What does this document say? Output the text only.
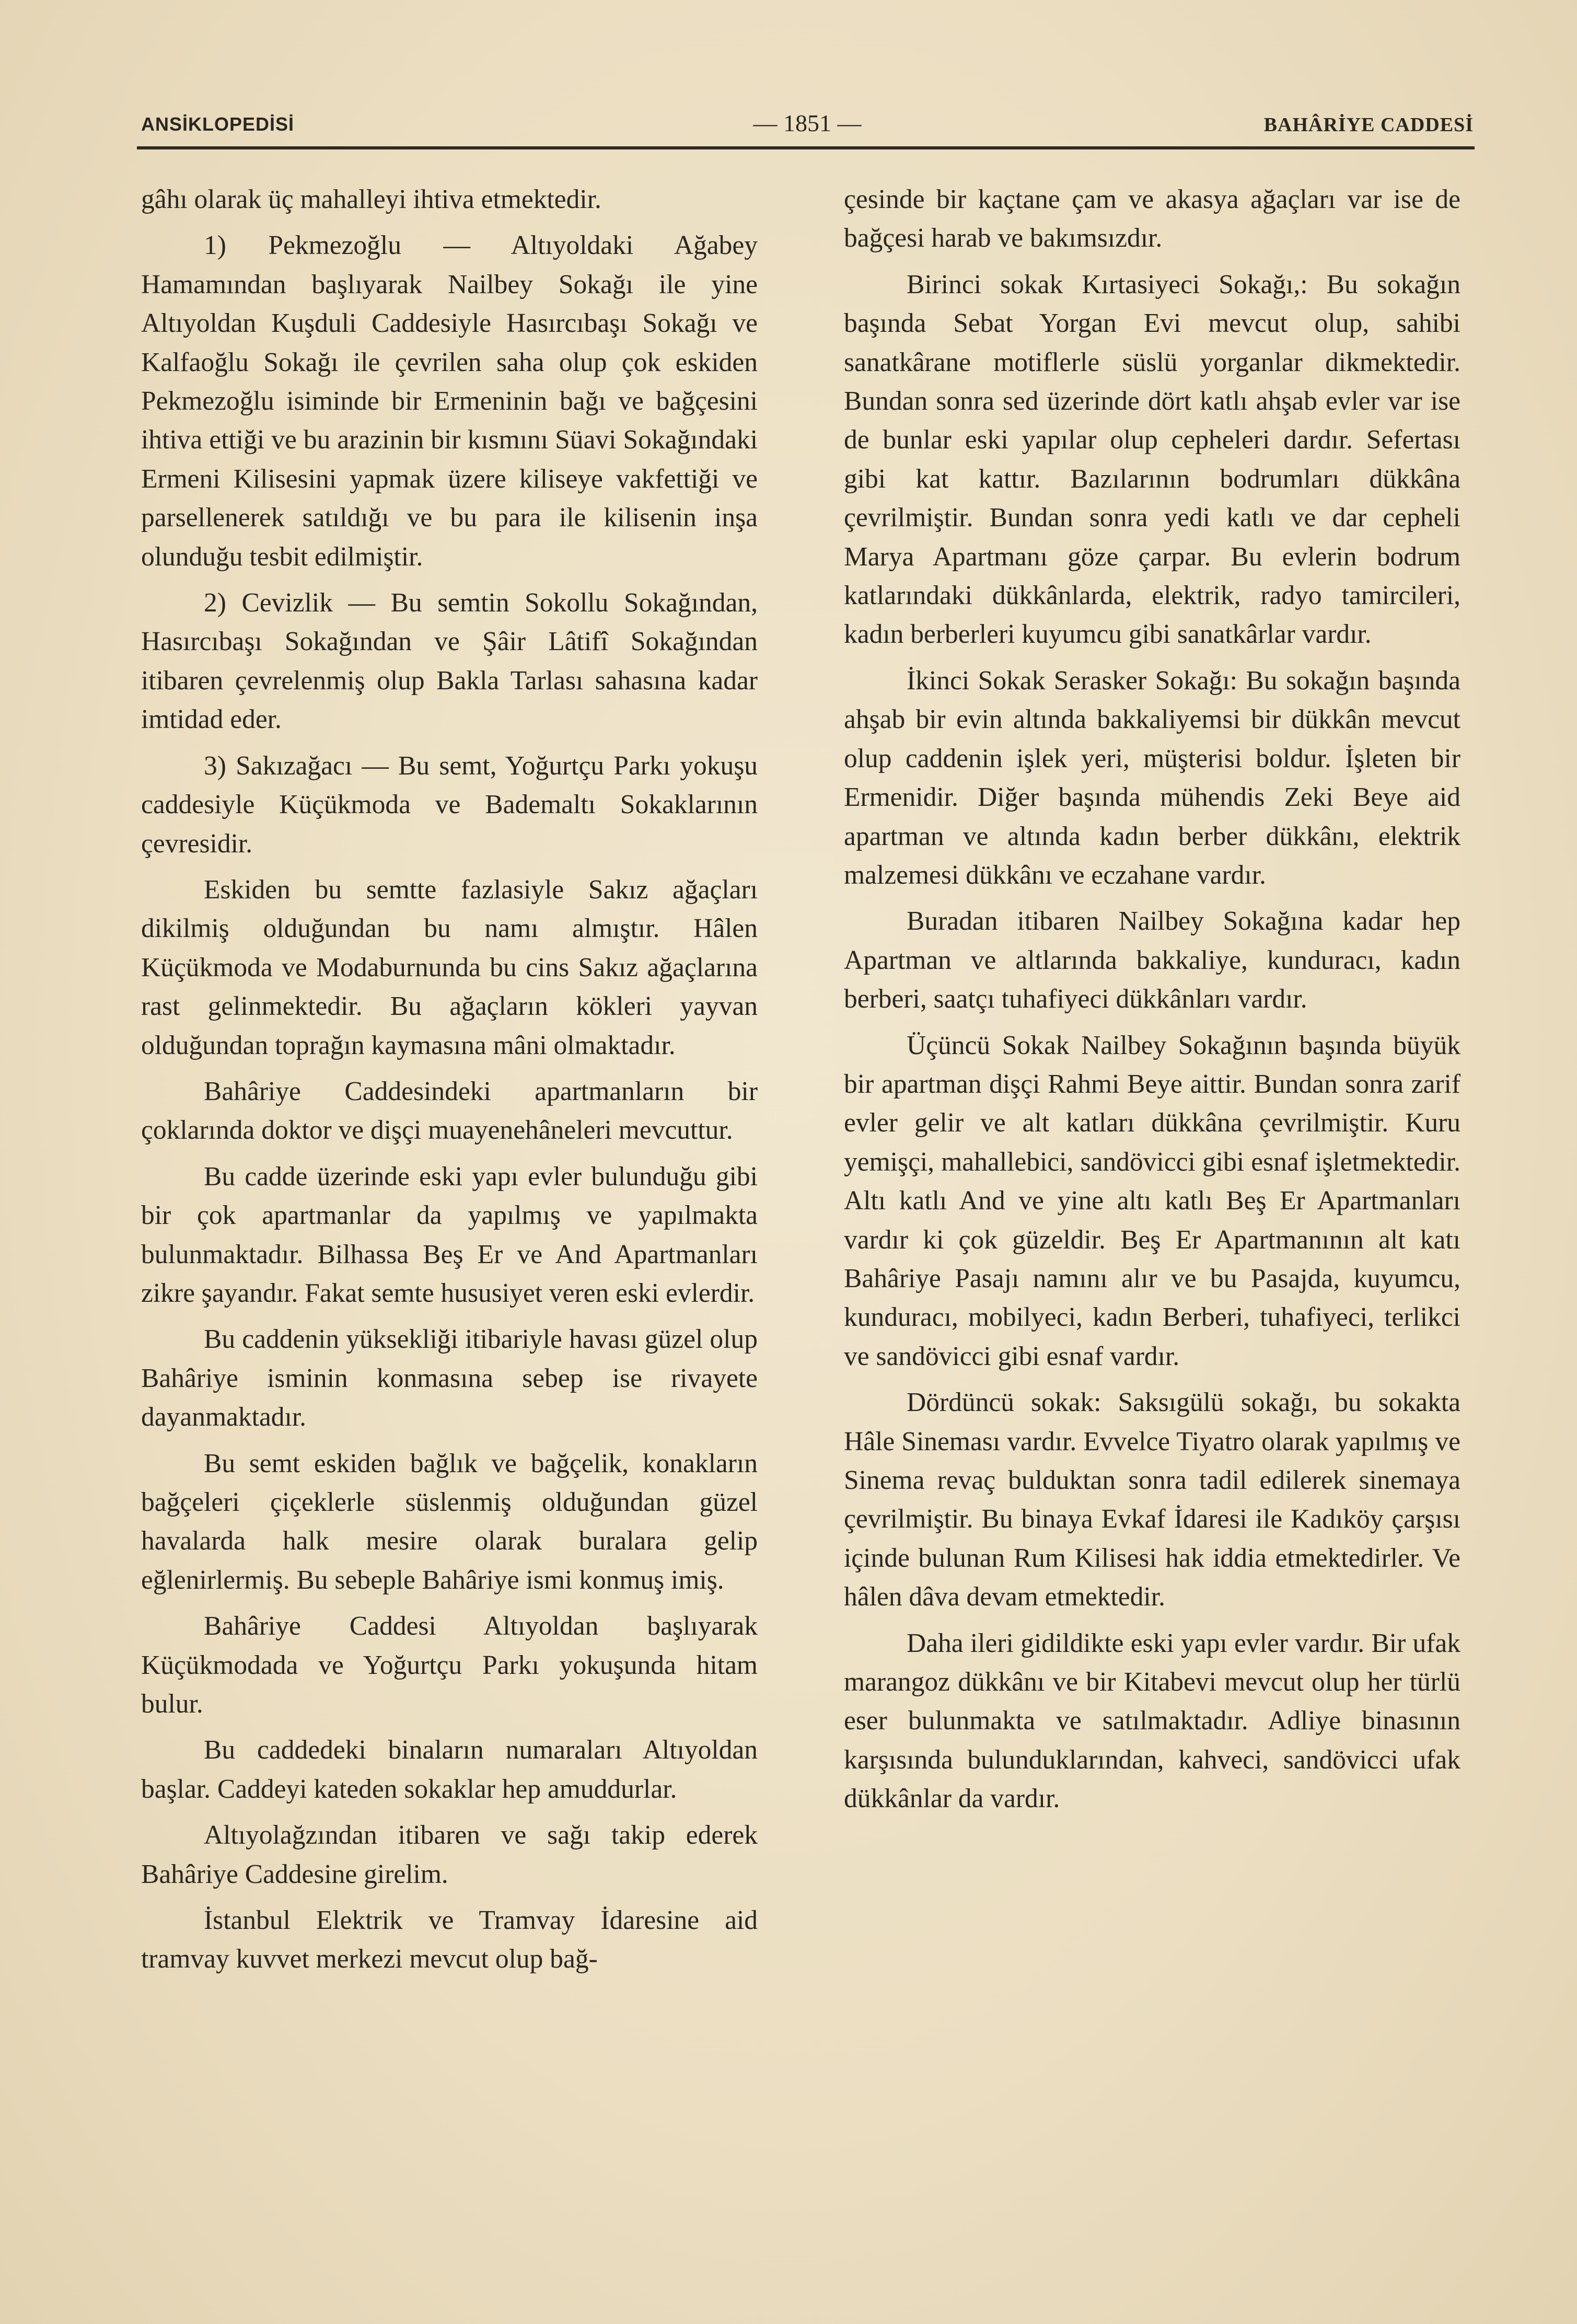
ANSİKLOPEDİSİ	— 1851 —	BAHÂRİYE CADDESİ

gâhı olarak üç mahalleyi ihtiva etmektedir.

1) Pekmezoğlu — Altıyoldaki Ağabey Hamamından başlıyarak Nailbey Sokağı ile yine Altıyoldan Kuşduli Caddesiyle Hasırcıbaşı Sokağı ve Kalfaoğlu Sokağı ile çevrilen saha olup çok eskiden Pekmezoğlu isiminde bir Ermeninin bağı ve bağçesini ihtiva ettiği ve bu arazinin bir kısmını Süavi Sokağındaki Ermeni Kilisesini yapmak üzere kiliseye vakfettiği ve parsellenerek satıldığı ve bu para ile kilisenin inşa olunduğu tesbit edilmiştir.

2) Cevizlik — Bu semtin Sokollu Sokağından, Hasırcıbaşı Sokağından ve Şâir Lâtifî Sokağından itibaren çevrelenmiş olup Bakla Tarlası sahasına kadar imtidad eder.

3) Sakızağacı — Bu semt, Yoğurtçu Parkı yokuşu caddesiyle Küçükmoda ve Bademaltı Sokaklarının çevresidir.

Eskiden bu semtte fazlasiyle Sakız ağaçları dikilmiş olduğundan bu namı almıştır. Hâlen Küçükmoda ve Modaburnunda bu cins Sakız ağaçlarına rast gelinmektedir. Bu ağaçların kökleri yayvan olduğundan toprağın kaymasına mâni olmaktadır.

Bahâriye Caddesindeki apartmanların bir çoklarında doktor ve dişçi muayenehâneleri mevcuttur.

Bu cadde üzerinde eski yapı evler bulunduğu gibi bir çok apartmanlar da yapılmış ve yapılmakta bulunmaktadır. Bilhassa Beş Er ve And Apartmanları zikre şayandır. Fakat semte hususiyet veren eski evlerdir.

Bu caddenin yüksekliği itibariyle havası güzel olup Bahâriye isminin konmasına sebep ise rivayete dayanmaktadır.

Bu semt eskiden bağlık ve bağçelik, konakların bağçeleri çiçeklerle süslenmiş olduğundan güzel havalarda halk mesire olarak buralara gelip eğlenirlermiş. Bu sebeple Bahâriye ismi konmuş imiş.

Bahâriye Caddesi Altıyoldan başlıyarak Küçükmodada ve Yoğurtçu Parkı yokuşunda hitam bulur.

Bu caddedeki binaların numaraları Altıyoldan başlar. Caddeyi kateden sokaklar hep amuddurlar.

Altıyolağzından itibaren ve sağı takip ederek Bahâriye Caddesine girelim.

İstanbul Elektrik ve Tramvay İdaresine aid tramvay kuvvet merkezi mevcut olup bağ-

çesinde bir kaçtane çam ve akasya ağaçları var ise de bağçesi harab ve bakımsızdır.

Birinci sokak Kırtasiyeci Sokağı,: Bu sokağın başında Sebat Yorgan Evi mevcut olup, sahibi sanatkârane motiflerle süslü yorganlar dikmektedir. Bundan sonra sed üzerinde dört katlı ahşab evler var ise de bunlar eski yapılar olup cepheleri dardır. Sefertası gibi kat kattır. Bazılarının bodrumları dükkâna çevrilmiştir. Bundan sonra yedi katlı ve dar cepheli Marya Apartmanı göze çarpar. Bu evlerin bodrum katlarındaki dükkânlarda, elektrik, radyo tamircileri, kadın berberleri kuyumcu gibi sanatkârlar vardır.

İkinci Sokak Serasker Sokağı: Bu sokağın başında ahşab bir evin altında bakkaliyemsi bir dükkân mevcut olup caddenin işlek yeri, müşterisi boldur. İşleten bir Ermenidir. Diğer başında mühendis Zeki Beye aid apartman ve altında kadın berber dükkânı, elektrik malzemesi dükkânı ve eczahane vardır.

Buradan itibaren Nailbey Sokağına kadar hep Apartman ve altlarında bakkaliye, kunduracı, kadın berberi, saatçı tuhafiyeci dükkânları vardır.

Üçüncü Sokak Nailbey Sokağının başında büyük bir apartman dişçi Rahmi Beye aittir. Bundan sonra zarif evler gelir ve alt katları dükkâna çevrilmiştir. Kuru yemişçi, mahallebici, sandövicci gibi esnaf işletmektedir. Altı katlı And ve yine altı katlı Beş Er Apartmanları vardır ki çok güzeldir. Beş Er Apartmanının alt katı Bahâriye Pasajı namını alır ve bu Pasajda, kuyumcu, kunduracı, mobilyeci, kadın Berberi, tuhafiyeci, terlikci ve sandövicci gibi esnaf vardır.

Dördüncü sokak: Saksıgülü sokağı, bu sokakta Hâle Sineması vardır. Evvelce Tiyatro olarak yapılmış ve Sinema revaç bulduktan sonra tadil edilerek sinemaya çevrilmiştir. Bu binaya Evkaf İdaresi ile Kadıköy çarşısı içinde bulunan Rum Kilisesi hak iddia etmektedirler. Ve hâlen dâva devam etmektedir.

Daha ileri gidildikte eski yapı evler vardır. Bir ufak marangoz dükkânı ve bir Kitabevi mevcut olup her türlü eser bulunmakta ve satılmaktadır. Adliye binasının karşısında bulunduklarından, kahveci, sandövicci ufak dükkânlar da vardır.
